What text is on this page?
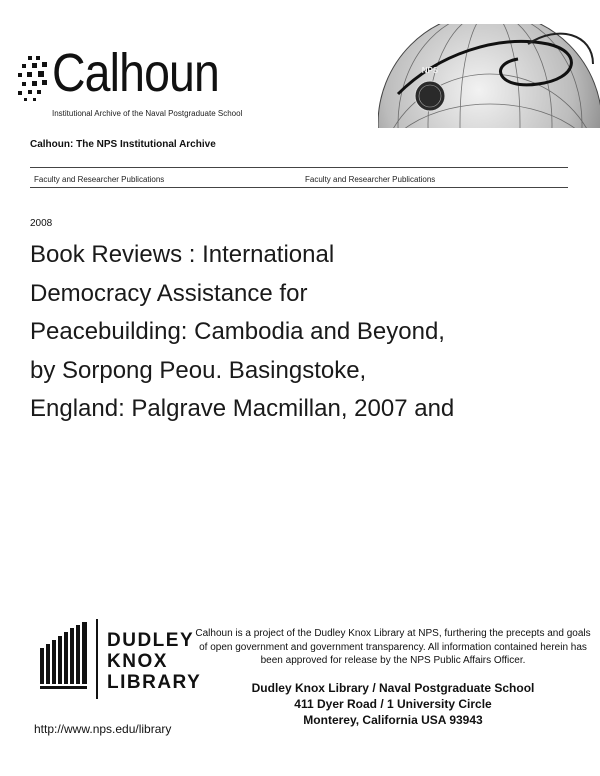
Calhoun
Institutional Archive of the Naval Postgraduate School
NPS
Calhoun: The NPS Institutional Archive
Faculty and Researcher Publications	Faculty and Researcher Publications
2008
Book Reviews : International
Democracy Assistance for
Peacebuilding: Cambodia and Beyond,
by Sorpong Peou. Basingstoke,
England: Palgrave Macmillan, 2007 and
DUDLEY
KNOX
LIBRARY
Calhoun is a project of the Dudley Knox Library at NPS, furthering the precepts and goals of open government and government transparency. All information contained herein has been approved for release by the NPS Public Affairs Officer.
Dudley Knox Library / Naval Postgraduate School
411 Dyer Road / 1 University Circle
Monterey, California USA 93943
http://www.nps.edu/library
